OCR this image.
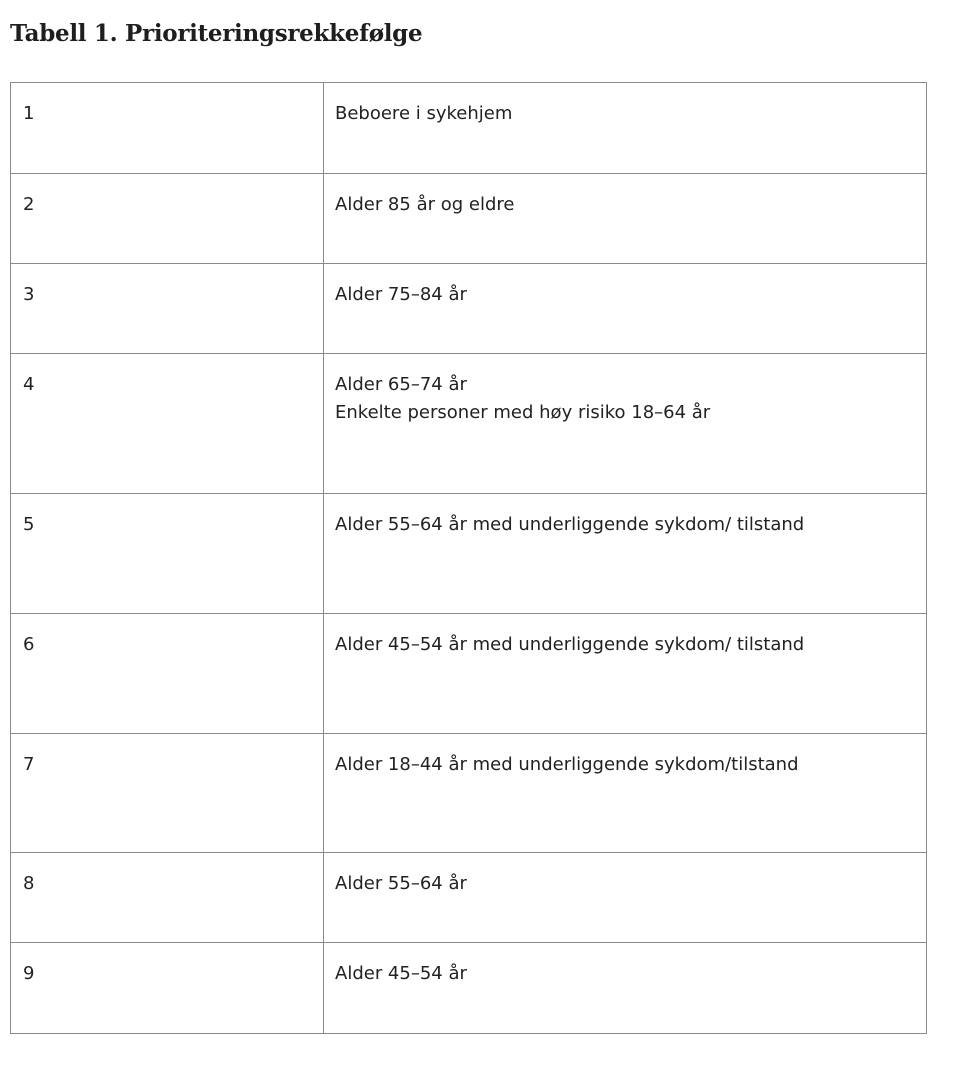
Tabell 1. Prioriteringsrekkefølge
1	Beboere i sykehjem

2	Alder 85 år og eldre

3	Alder 75–84 år

4	Alder 65–74 år
Enkelte personer med høy risiko 18–64 år

5	Alder 55–64 år med underliggende sykdom/ tilstand

6	Alder 45–54 år med underliggende sykdom/ tilstand

7	Alder 18–44 år med underliggende sykdom/tilstand

8	Alder 55–64 år

9	Alder 45–54 år
